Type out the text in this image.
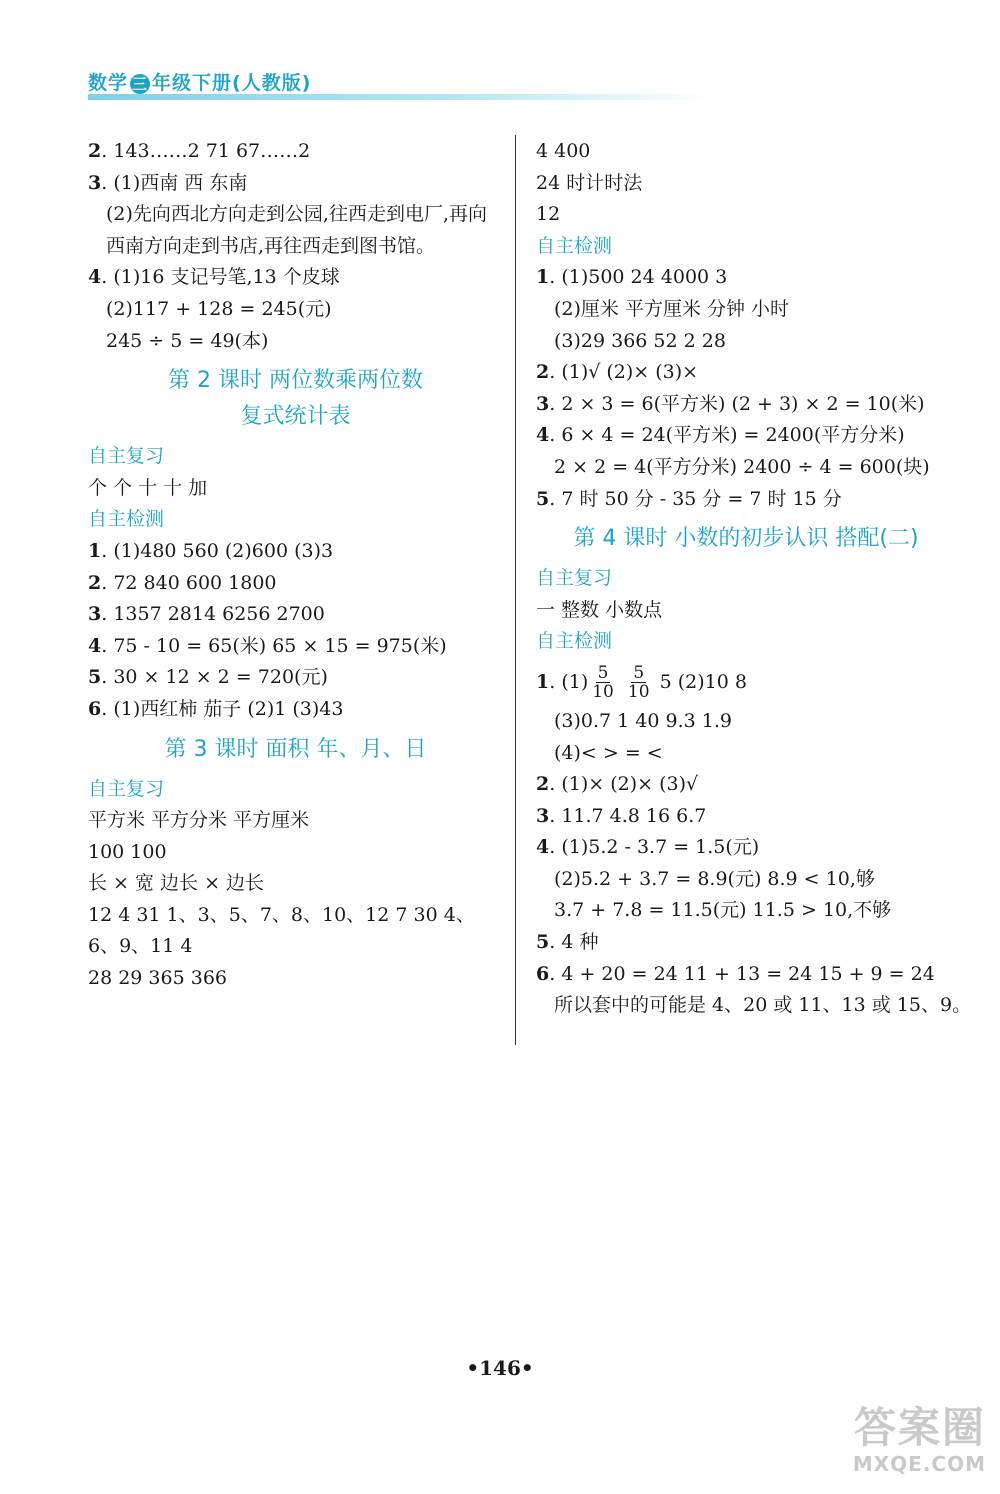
数学 三 年级下册(人教版)
2. 143……2 71 67……2
3. (1)西南 西 东南
(2)先向西北方向走到公园,往西走到电厂,再向西南方向走到书店,再往西走到图书馆。
4. (1)16 支记号笔,13 个皮球
(2)117 + 128 = 245(元)
245 ÷ 5 = 49(本)
第 2 课时 两位数乘两位数
复式统计表
自主复习
个 个 十 十 加
自主检测
1. (1)480 560 (2)600 (3)3
2. 72 840 600 1800
3. 1357 2814 6256 2700
4. 75 - 10 = 65(米) 65 × 15 = 975(米)
5. 30 × 12 × 2 = 720(元)
6. (1)西红柿 茄子 (2)1 (3)43
第 3 课时 面积 年、月、日
自主复习
平方米 平方分米 平方厘米
100 100
长 × 宽 边长 × 边长
12 4 31 1、3、5、7、8、10、12 7 30 4、
6、9、11 4
28 29 365 366
4 400
24 时计时法
12
自主检测
1. (1)500 24 4000 3
(2)厘米 平方厘米 分钟 小时
(3)29 366 52 2 28
2. (1)√ (2)× (3)×
3. 2 × 3 = 6(平方米) (2 + 3) × 2 = 10(米)
4. 6 × 4 = 24(平方米) = 2400(平方分米)
2 × 2 = 4(平方分米) 2400 ÷ 4 = 600(块)
5. 7 时 50 分 - 35 分 = 7 时 15 分
第 4 课时 小数的初步认识 搭配(二)
自主复习
一 整数 小数点
自主检测
1. $(1) \frac{5}{10}$
$\frac{5}{10} 5$ (2)10 8
(3)0.7 1 40 9.3 1.9
(4)< > = <
2. (1)× (2)× (3)√
3. 11.7 4.8 16 6.7
4. (1)5.2 - 3.7 = 1.5(元)
(2)5.2 + 3.7 = 8.9(元) 8.9 < 10,够
3.7 + 7.8 = 11.5(元) 11.5 > 10,不够
5. 4 种
6. 4 + 20 = 24 11 + 13 = 24 15 + 9 = 24
所以套中的可能是 4、20 或 11、13 或 15、9。
•146•
答案圈
MXQE.COM
